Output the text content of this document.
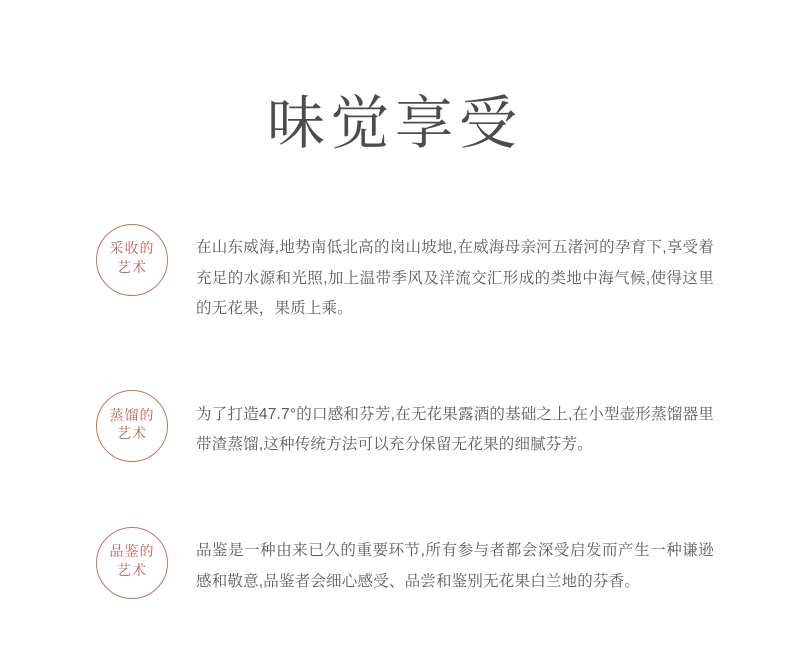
味觉享受
采收的
艺术

在山东威海,地势南低北高的岗山坡地,在威海母亲河五渚河的孕育下,享受着充足的水源和光照,加上温带季风及洋流交汇形成的类地中海气候,使得这里的无花果，果质上乘。

蒸馏的
艺术

为了打造47.7°的口感和芬芳,在无花果露酒的基础之上,在小型壶形蒸馏器里带渣蒸馏,这种传统方法可以充分保留无花果的细腻芬芳。

品鉴的
艺术

品鉴是一种由来已久的重要环节,所有参与者都会深受启发而产生一种谦逊感和敬意,品鉴者会细心感受、品尝和鉴别无花果白兰地的芬香。
